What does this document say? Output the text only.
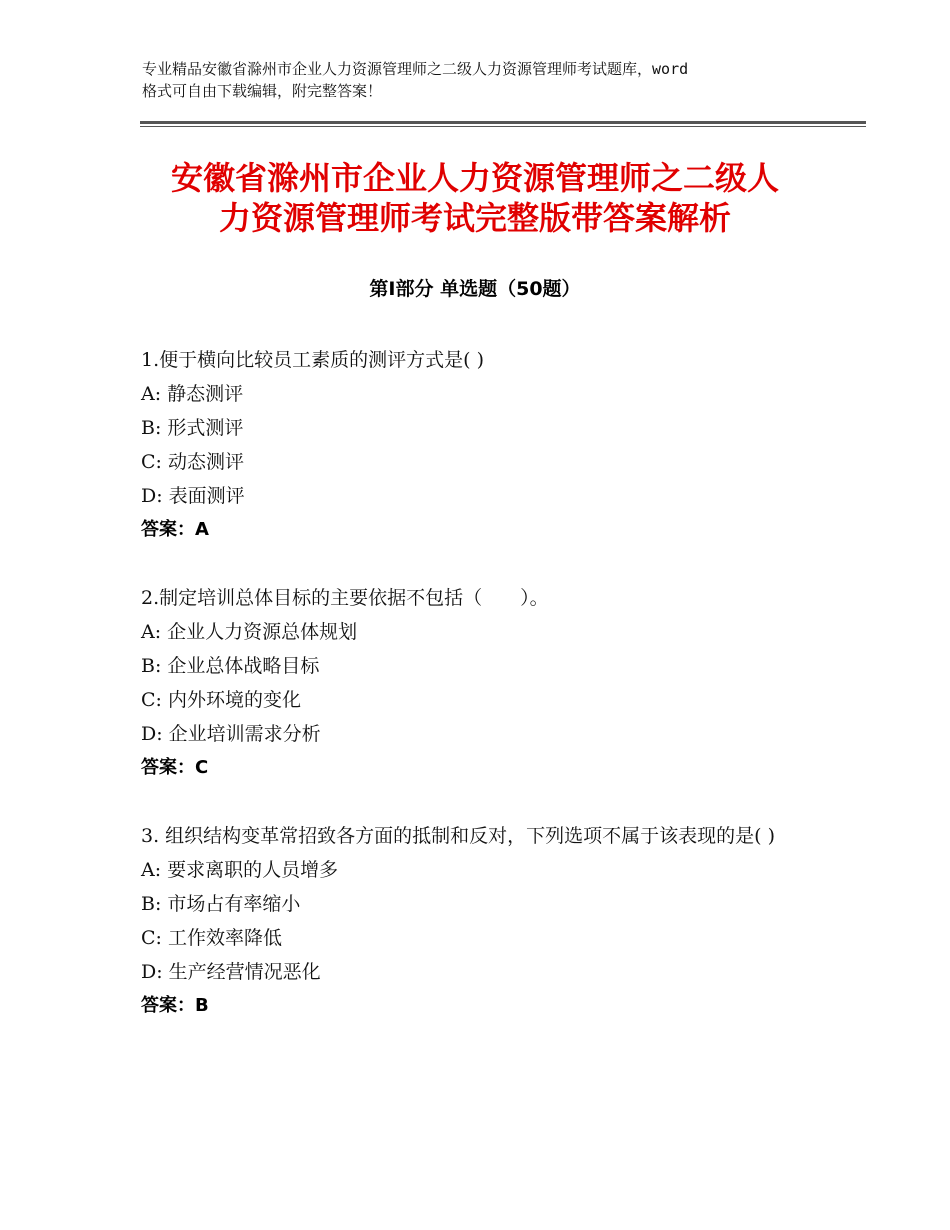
专业精品安徽省滁州市企业人力资源管理师之二级人力资源管理师考试题库，word
格式可自由下载编辑，附完整答案！
安徽省滁州市企业人力资源管理师之二级人
力资源管理师考试完整版带答案解析
第Ⅰ部分 单选题（50题）
1.便于横向比较员工素质的测评方式是( )
A: 静态测评
B: 形式测评
C: 动态测评
D: 表面测评
答案：A
2.制定培训总体目标的主要依据不包括（　　）。
A: 企业人力资源总体规划
B: 企业总体战略目标
C: 内外环境的变化
D: 企业培训需求分析
答案：C
3. 组织结构变革常招致各方面的抵制和反对，下列选项不属于该表现的是( )
A: 要求离职的人员增多
B: 市场占有率缩小
C: 工作效率降低
D: 生产经营情况恶化
答案：B
